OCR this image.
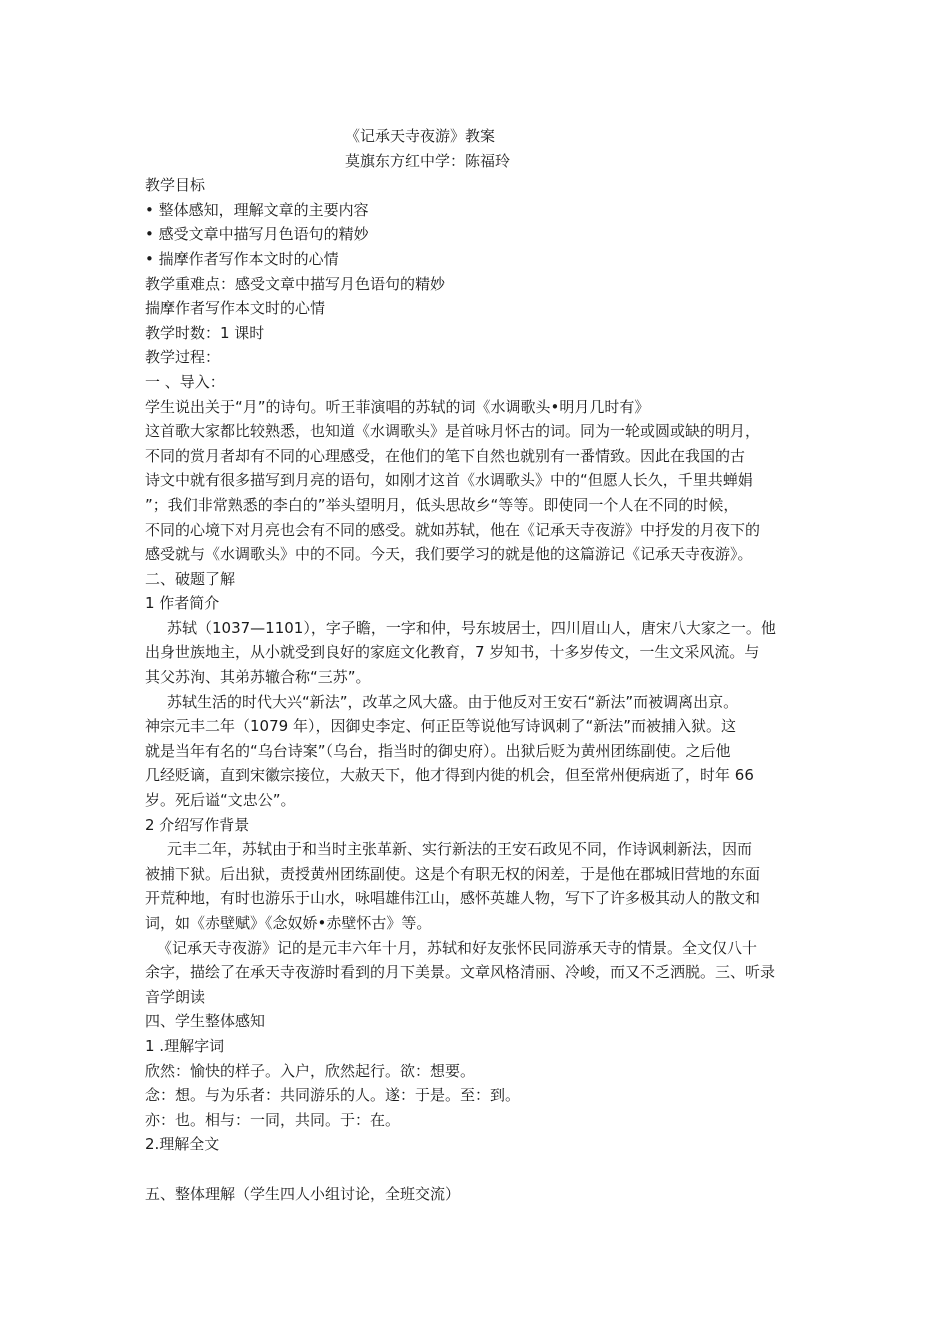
《记承天寺夜游》教案
莫旗东方红中学：陈福玲
教学目标
• 整体感知，理解文章的主要内容
• 感受文章中描写月色语句的精妙
• 揣摩作者写作本文时的心情
教学重难点：感受文章中描写月色语句的精妙
揣摩作者写作本文时的心情
教学时数：1 课时
教学过程：
一 、导入：
学生说出关于“月”的诗句。听王菲演唱的苏轼的词《水调歌头•明月几时有》
这首歌大家都比较熟悉，也知道《水调歌头》是首咏月怀古的词。同为一轮或圆或缺的明月，
不同的赏月者却有不同的心理感受，在他们的笔下自然也就别有一番情致。因此在我国的古
诗文中就有很多描写到月亮的语句，如刚才这首《水调歌头》中的“但愿人长久，千里共蝉娟
”；我们非常熟悉的李白的”举头望明月，低头思故乡“等等。即使同一个人在不同的时候，
不同的心境下对月亮也会有不同的感受。就如苏轼，他在《记承天寺夜游》中抒发的月夜下的
感受就与《水调歌头》中的不同。今天，我们要学习的就是他的这篇游记《记承天寺夜游》。
二、破题了解
1 作者简介
苏轼（1037—1101），字子瞻，一字和仲，号东坡居士，四川眉山人，唐宋八大家之一。他
出身世族地主，从小就受到良好的家庭文化教育，7 岁知书，十多岁传文，一生文采风流。与
其父苏洵、其弟苏辙合称“三苏”。
苏轼生活的时代大兴“新法”，改革之风大盛。由于他反对王安石“新法”而被调离出京。
神宗元丰二年（1079 年），因御史李定、何正臣等说他写诗讽刺了“新法”而被捕入狱。这
就是当年有名的“乌台诗案”（乌台，指当时的御史府）。出狱后贬为黄州团练副使。之后他
几经贬谪，直到宋徽宗接位，大赦天下，他才得到内徙的机会，但至常州便病逝了，时年 66
岁。死后谥“文忠公”。
2 介绍写作背景
元丰二年，苏轼由于和当时主张革新、实行新法的王安石政见不同，作诗讽刺新法，因而
被捕下狱。后出狱，责授黄州团练副使。这是个有职无权的闲差，于是他在郡城旧营地的东面
开荒种地，有时也游乐于山水，咏唱雄伟江山，感怀英雄人物，写下了许多极其动人的散文和
词，如《赤壁赋》《念奴娇•赤壁怀古》等。
《记承天寺夜游》记的是元丰六年十月，苏轼和好友张怀民同游承天寺的情景。全文仅八十
余字，描绘了在承天寺夜游时看到的月下美景。文章风格清丽、冷峻，而又不乏洒脱。三、听录
音学朗读
四、学生整体感知
1 .理解字词
欣然：愉快的样子。入户，欣然起行。欲：想要。
念：想。与为乐者：共同游乐的人。遂：于是。至：到。
亦：也。相与：一同，共同。于：在。
2.理解全文
五、整体理解（学生四人小组讨论，全班交流）
